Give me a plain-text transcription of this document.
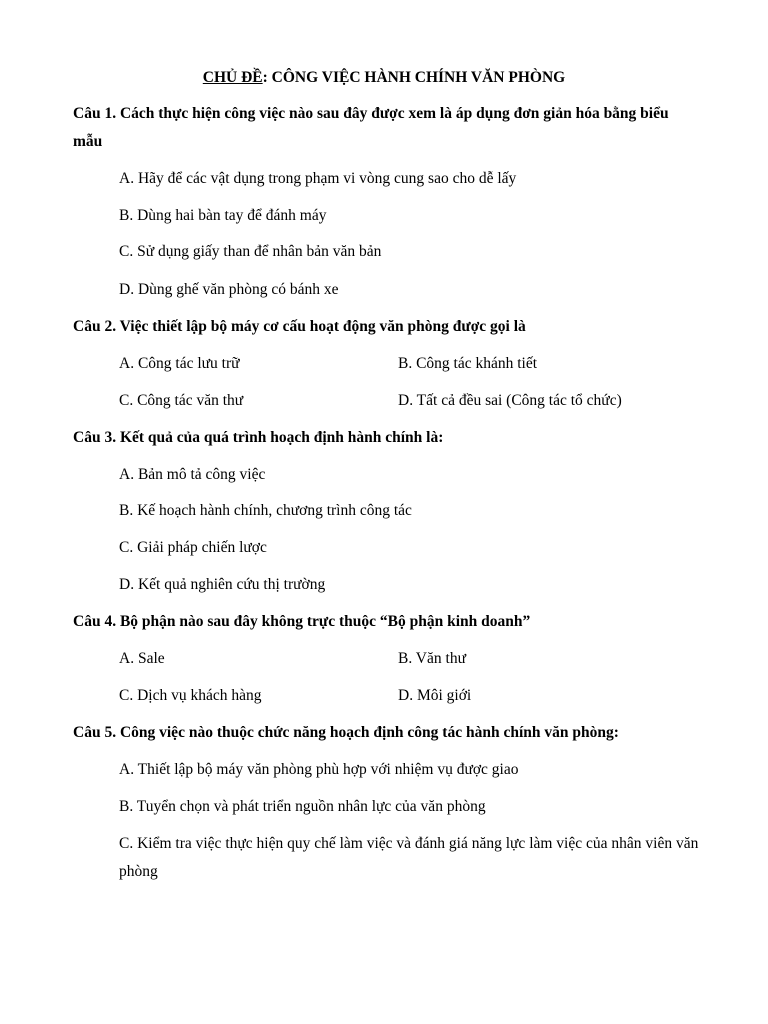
CHỦ ĐỀ: CÔNG VIỆC HÀNH CHÍNH VĂN PHÒNG
Câu 1. Cách thực hiện công việc nào sau đây được xem là áp dụng đơn giản hóa bằng biểu mẫu
A. Hãy để các vật dụng trong phạm vi vòng cung sao cho dễ lấy
B. Dùng hai bàn tay để đánh máy
C. Sử dụng giấy than để nhân bản văn bản
D. Dùng ghế văn phòng có bánh xe
Câu 2. Việc thiết lập bộ máy cơ cấu hoạt động văn phòng được gọi là
A. Công tác lưu trữ	B. Công tác khánh tiết
C. Công tác văn thư	D. Tất cả đều sai (Công tác tổ chức)
Câu 3. Kết quả của quá trình hoạch định hành chính là:
A. Bản mô tả công việc
B. Kế hoạch hành chính, chương trình công tác
C. Giải pháp chiến lược
D. Kết quả nghiên cứu thị trường
Câu 4. Bộ phận nào sau đây không trực thuộc “Bộ phận kinh doanh”
A. Sale	B. Văn thư
C. Dịch vụ khách hàng	D. Môi giới
Câu 5. Công việc nào thuộc chức năng hoạch định công tác hành chính văn phòng:
A. Thiết lập bộ máy văn phòng phù hợp với nhiệm vụ được giao
B. Tuyển chọn và phát triển nguồn nhân lực của văn phòng
C. Kiểm tra việc thực hiện quy chế làm việc và đánh giá năng lực làm việc của nhân viên văn phòng
